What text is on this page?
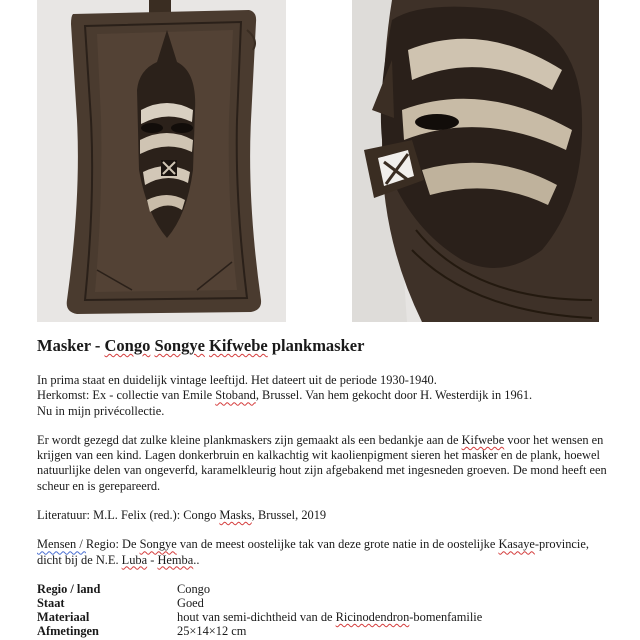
Masker - Congo Songye Kifwebe plankmasker

In prima staat en duidelijk vintage leeftijd. Het dateert uit de periode 1930-1940.
Herkomst: Ex - collectie van Emile Stoband, Brussel. Van hem gekocht door H. Westerdijk in 1961.
Nu in mijn privécollectie.

Er wordt gezegd dat zulke kleine plankmaskers zijn gemaakt als een bedankje aan de Kifwebe voor het wensen en krijgen van een kind. Lagen donkerbruin en kalkachtig wit kaolienpigment sieren het masker en de plank, hoewel natuurlijke delen van ongeverfd, karamelkleurig hout zijn afgebakend met ingesneden groeven. De mond heeft een scheur en is gerepareerd.

Literatuur: M.L. Felix (red.): Congo Masks, Brussel, 2019

Mensen / Regio: De Songye van de meest oostelijke tak van deze grote natie in de oostelijke Kasaye-provincie, dicht bij de N.E. Luba - Hemba..

Regio / land	Congo
Staat	Goed
Materiaal	hout van semi-dichtheid van de Ricinodendron-bomenfamilie
Afmetingen	25×14×12 cm
